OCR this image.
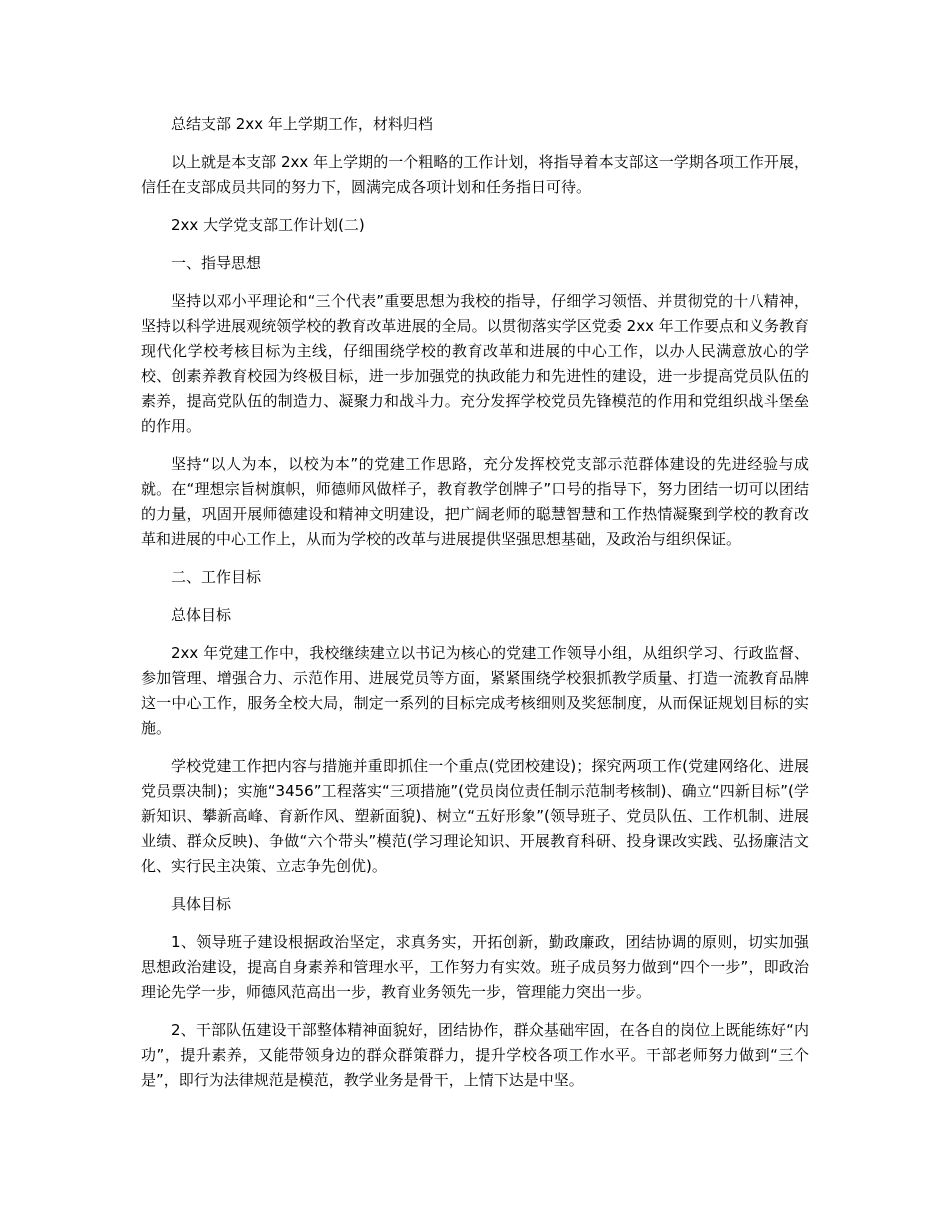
总结支部 2xx 年上学期工作，材料归档

以上就是本支部 2xx 年上学期的一个粗略的工作计划，将指导着本支部这一学期各项工作开展，信任在支部成员共同的努力下，圆满完成各项计划和任务指日可待。

2xx 大学党支部工作计划(二)

一、指导思想

坚持以邓小平理论和“三个代表”重要思想为我校的指导，仔细学习领悟、并贯彻党的十八精神，坚持以科学进展观统领学校的教育改革进展的全局。以贯彻落实学区党委 2xx 年工作要点和义务教育现代化学校考核目标为主线，仔细围绕学校的教育改革和进展的中心工作，以办人民满意放心的学校、创素养教育校园为终极目标，进一步加强党的执政能力和先进性的建设，进一步提高党员队伍的素养，提高党队伍的制造力、凝聚力和战斗力。充分发挥学校党员先锋模范的作用和党组织战斗堡垒的作用。

坚持“以人为本，以校为本”的党建工作思路，充分发挥校党支部示范群体建设的先进经验与成就。在“理想宗旨树旗帜，师德师风做样子，教育教学创牌子”口号的指导下，努力团结一切可以团结的力量，巩固开展师德建设和精神文明建设，把广阔老师的聪慧智慧和工作热情凝聚到学校的教育改革和进展的中心工作上，从而为学校的改革与进展提供坚强思想基础，及政治与组织保证。

二、工作目标

总体目标

2xx 年党建工作中，我校继续建立以书记为核心的党建工作领导小组，从组织学习、行政监督、参加管理、增强合力、示范作用、进展党员等方面，紧紧围绕学校狠抓教学质量、打造一流教育品牌这一中心工作，服务全校大局，制定一系列的目标完成考核细则及奖惩制度，从而保证规划目标的实施。

学校党建工作把内容与措施并重即抓住一个重点(党团校建设)；探究两项工作(党建网络化、进展党员票决制)；实施“3456”工程落实“三项措施”(党员岗位责任制示范制考核制)、确立“四新目标”(学新知识、攀新高峰、育新作风、塑新面貌)、树立“五好形象”(领导班子、党员队伍、工作机制、进展业绩、群众反映)、争做“六个带头”模范(学习理论知识、开展教育科研、投身课改实践、弘扬廉洁文化、实行民主决策、立志争先创优)。

具体目标

1、领导班子建设根据政治坚定，求真务实，开拓创新，勤政廉政，团结协调的原则，切实加强思想政治建设，提高自身素养和管理水平，工作努力有实效。班子成员努力做到“四个一步”，即政治理论先学一步，师德风范高出一步，教育业务领先一步，管理能力突出一步。

2、干部队伍建设干部整体精神面貌好，团结协作，群众基础牢固，在各自的岗位上既能练好“内功”，提升素养，又能带领身边的群众群策群力，提升学校各项工作水平。干部老师努力做到“三个是”，即行为法律规范是模范，教学业务是骨干，上情下达是中坚。
